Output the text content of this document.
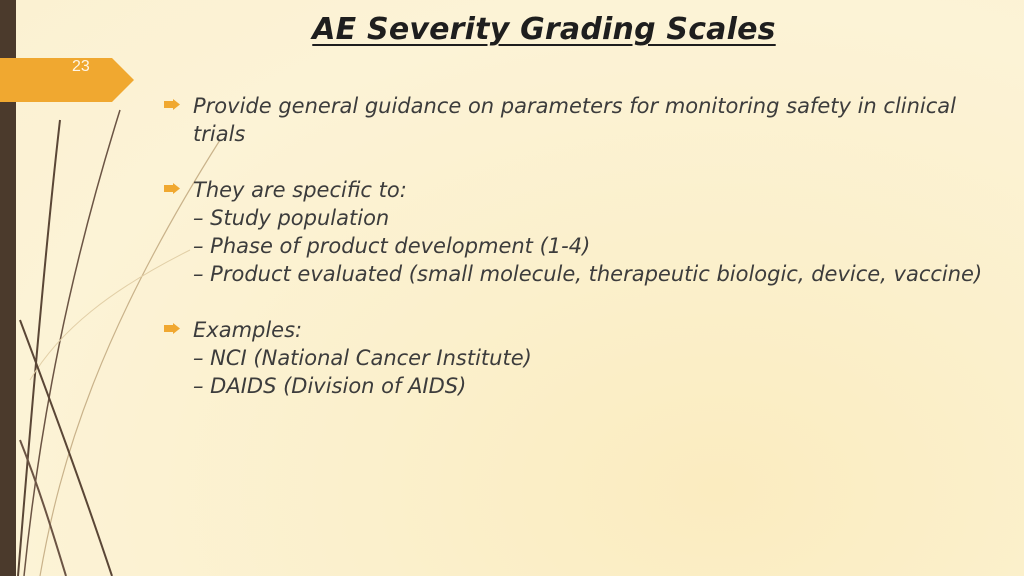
23
AE Severity Grading Scales
Provide general guidance on parameters for monitoring safety in clinical trials
They are specific to:
– Study population
– Phase of product development (1-4)
– Product evaluated (small molecule, therapeutic biologic, device, vaccine)
Examples:
– NCI (National Cancer Institute)
– DAIDS (Division of AIDS)
